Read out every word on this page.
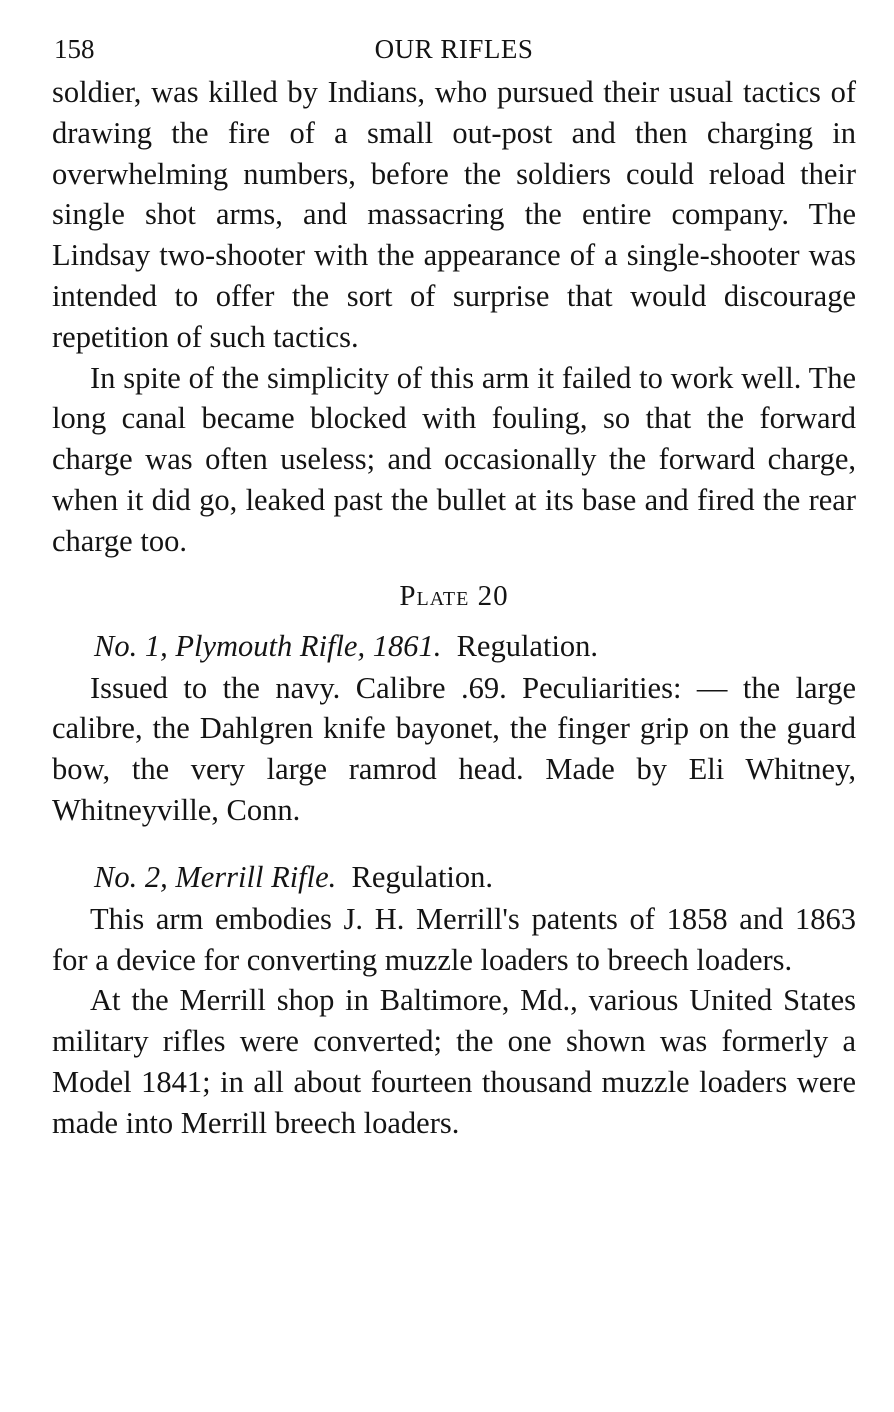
158	OUR RIFLES

soldier, was killed by Indians, who pursued their usual tactics of drawing the fire of a small out-post and then charging in overwhelming numbers, before the soldiers could reload their single shot arms, and massacring the entire company. The Lindsay two-shooter with the appearance of a single-shooter was intended to offer the sort of surprise that would discourage repetition of such tactics.

In spite of the simplicity of this arm it failed to work well. The long canal became blocked with fouling, so that the forward charge was often useless; and occasionally the forward charge, when it did go, leaked past the bullet at its base and fired the rear charge too.

Plate 20
No. 1, Plymouth Rifle, 1861. Regulation.

Issued to the navy. Calibre .69. Peculiarities: — the large calibre, the Dahlgren knife bayonet, the finger grip on the guard bow, the very large ramrod head. Made by Eli Whitney, Whitneyville, Conn.

No. 2, Merrill Rifle. Regulation.

This arm embodies J. H. Merrill's patents of 1858 and 1863 for a device for converting muzzle loaders to breech loaders.

At the Merrill shop in Baltimore, Md., various United States military rifles were converted; the one shown was formerly a Model 1841; in all about fourteen thousand muzzle loaders were made into Merrill breech loaders.
